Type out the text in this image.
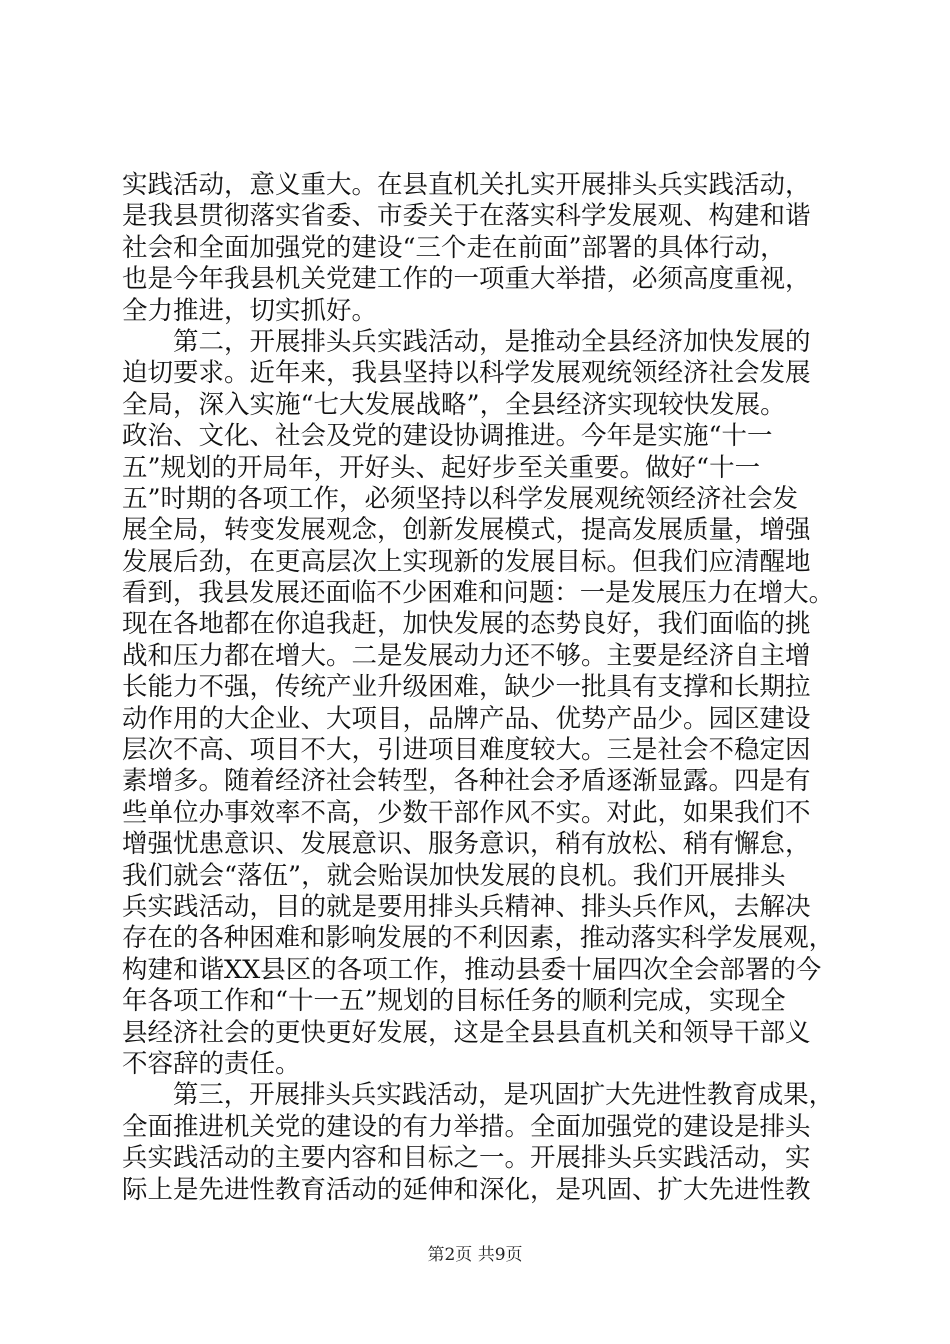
实践活动，意义重大。在县直机关扎实开展排头兵实践活动，
是我县贯彻落实省委、市委关于在落实科学发展观、构建和谐
社会和全面加强党的建设“三个走在前面”部署的具体行动，
也是今年我县机关党建工作的一项重大举措，必须高度重视，
全力推进，切实抓好。
　　第二，开展排头兵实践活动，是推动全县经济加快发展的
迫切要求。近年来，我县坚持以科学发展观统领经济社会发展
全局，深入实施“七大发展战略”，全县经济实现较快发展。
政治、文化、社会及党的建设协调推进。今年是实施“十一
五”规划的开局年，开好头、起好步至关重要。做好“十一
五”时期的各项工作，必须坚持以科学发展观统领经济社会发
展全局，转变发展观念，创新发展模式，提高发展质量，增强
发展后劲，在更高层次上实现新的发展目标。但我们应清醒地
看到，我县发展还面临不少困难和问题：一是发展压力在增大。
现在各地都在你追我赶，加快发展的态势良好，我们面临的挑
战和压力都在增大。二是发展动力还不够。主要是经济自主增
长能力不强，传统产业升级困难，缺少一批具有支撑和长期拉
动作用的大企业、大项目，品牌产品、优势产品少。园区建设
层次不高、项目不大，引进项目难度较大。三是社会不稳定因
素增多。随着经济社会转型，各种社会矛盾逐渐显露。四是有
些单位办事效率不高，少数干部作风不实。对此，如果我们不
增强忧患意识、发展意识、服务意识，稍有放松、稍有懈怠，
我们就会“落伍”，就会贻误加快发展的良机。我们开展排头
兵实践活动，目的就是要用排头兵精神、排头兵作风，去解决
存在的各种困难和影响发展的不利因素，推动落实科学发展观，
构建和谐XX县区的各项工作，推动县委十届四次全会部署的今
年各项工作和“十一五”规划的目标任务的顺利完成，实现全
县经济社会的更快更好发展，这是全县县直机关和领导干部义
不容辞的责任。
　　第三，开展排头兵实践活动，是巩固扩大先进性教育成果，
全面推进机关党的建设的有力举措。全面加强党的建设是排头
兵实践活动的主要内容和目标之一。开展排头兵实践活动，实
际上是先进性教育活动的延伸和深化，是巩固、扩大先进性教
第2页 共9页
